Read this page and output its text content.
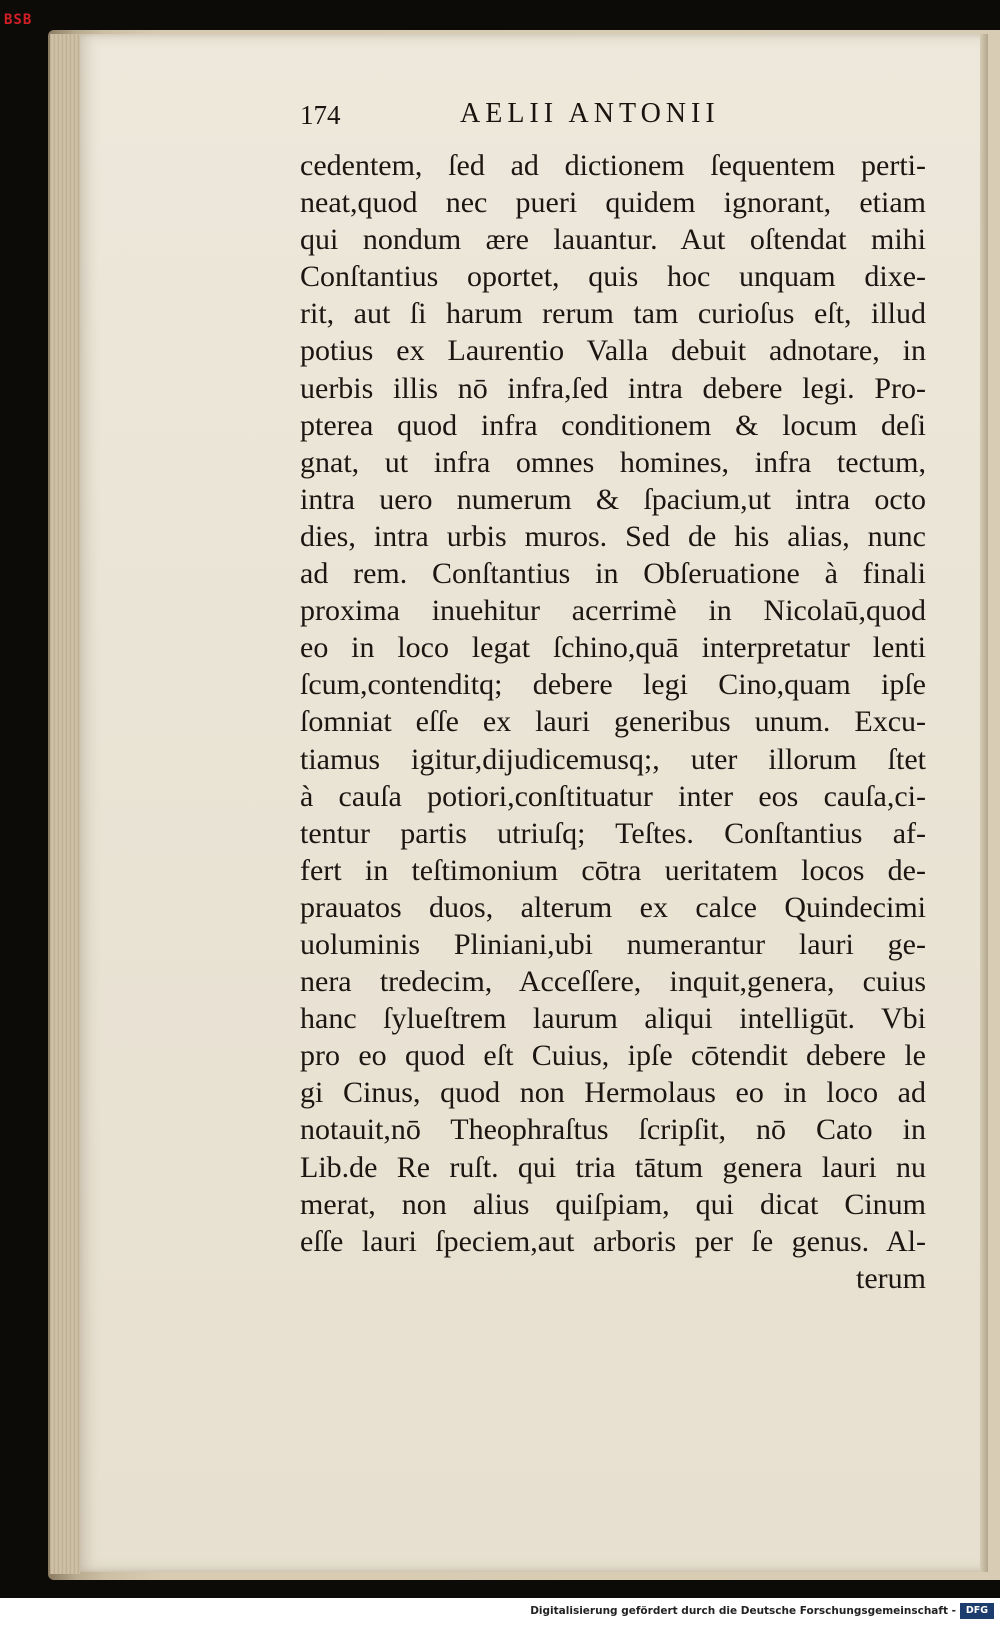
BSB
174	AELII ANTONII
cedentem, ſed ad dictionem ſequentem perti-
neat,quod nec pueri quidem ignorant, etiam
qui nondum ære lauantur. Aut oſtendat mihi
Conſtantius oportet, quis hoc unquam dixe-
rit, aut ſi harum rerum tam curioſus eſt, illud
potius ex Laurentio Valla debuit adnotare, in
uerbis illis nō infra,ſed intra debere legi. Pro-
pterea quod infra conditionem & locum deſi
gnat, ut infra omnes homines, infra tectum,
intra uero numerum & ſpacium,ut intra octo
dies, intra urbis muros. Sed de his alias, nunc
ad rem. Conſtantius in Obſeruatione à finali
proxima inuehitur acerrimè in Nicolaū,quod
eo in loco legat ſchino,quā interpretatur lenti
ſcum,contenditq; debere legi Cino,quam ipſe
ſomniat eſſe ex lauri generibus unum. Excu-
tiamus igitur,dijudicemusq;, uter illorum ſtet
à cauſa potiori,conſtituatur inter eos cauſa,ci-
tentur partis utriuſq; Teſtes. Conſtantius af-
fert in teſtimonium cōtra ueritatem locos de-
prauatos duos, alterum ex calce Quindecimi
uoluminis Pliniani,ubi numerantur lauri ge-
nera tredecim, Acceſſere, inquit,genera, cuius
hanc ſylueſtrem laurum aliqui intelligūt. Vbi
pro eo quod eſt Cuius, ipſe cōtendit debere le
gi Cinus, quod non Hermolaus eo in loco ad
notauit,nō Theophraſtus ſcripſit, nō Cato in
Lib.de Re ruſt. qui tria tātum genera lauri nu
merat, non alius quiſpiam, qui dicat Cinum
eſſe lauri ſpeciem,aut arboris per ſe genus. Al-
terum
Digitalisierung gefördert durch die Deutsche Forschungsgemeinschaft -	DFG
